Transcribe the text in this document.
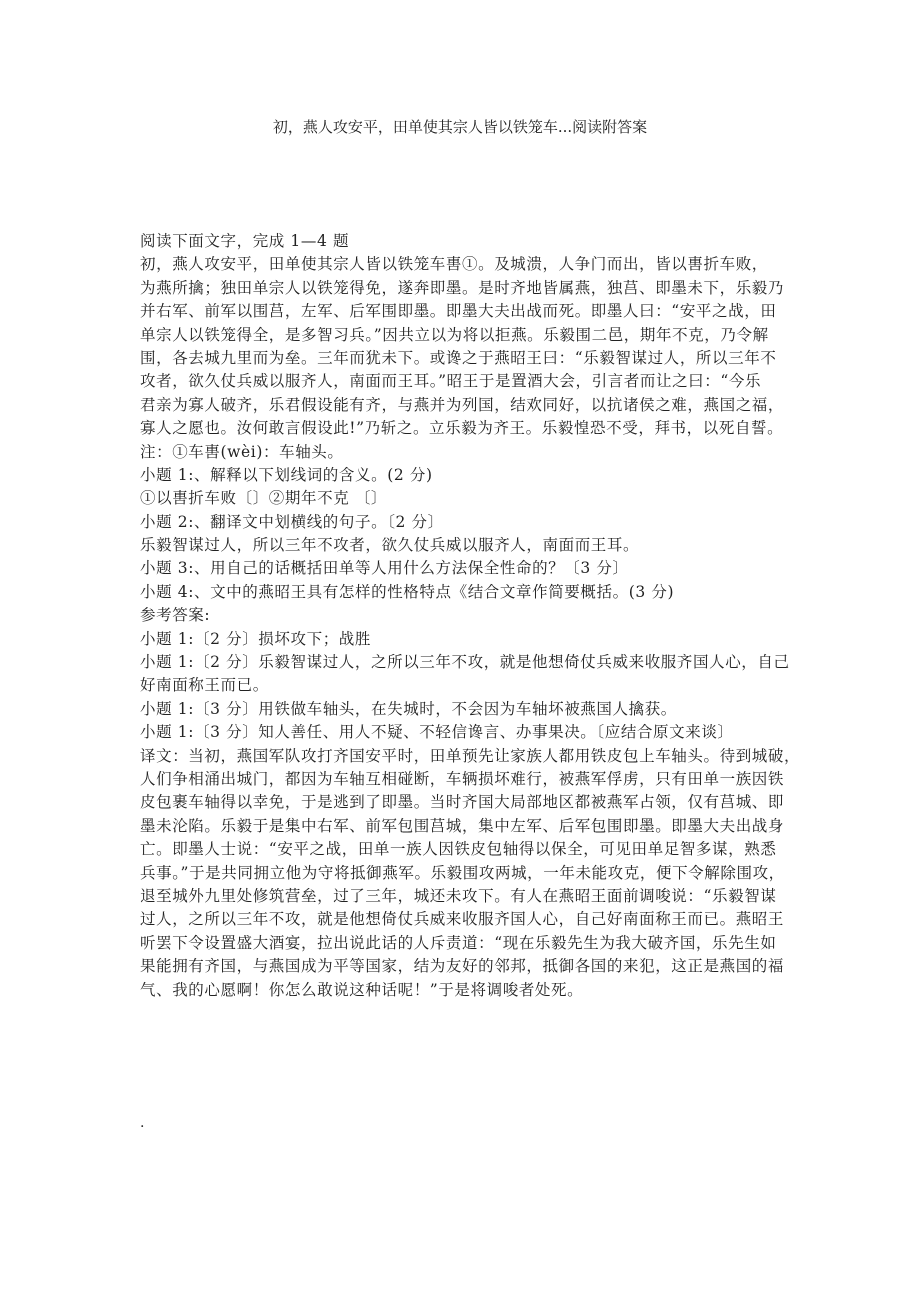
初，燕人攻安平，田单使其宗人皆以铁笼车...阅读附答案
阅读下面文字，完成 1—4 题
初，燕人攻安平，田单使其宗人皆以铁笼车軎①。及城溃，人争门而出，皆以軎折车败，
为燕所擒；独田单宗人以铁笼得免，遂奔即墨。是时齐地皆属燕，独莒、即墨未下，乐毅乃
并右军、前军以围莒，左军、后军围即墨。即墨大夫出战而死。即墨人曰：“安平之战，田
单宗人以铁笼得全，是多智习兵。”因共立以为将以拒燕。乐毅围二邑，期年不克，乃令解
围，各去城九里而为垒。三年而犹未下。或谗之于燕昭王曰：“乐毅智谋过人，所以三年不
攻者，欲久仗兵威以服齐人，南面而王耳。”昭王于是置酒大会，引言者而让之曰：“今乐
君亲为寡人破齐，乐君假设能有齐，与燕并为列国，结欢同好，以抗诸侯之难，燕国之福，
寡人之愿也。汝何敢言假设此!”乃斩之。立乐毅为齐王。乐毅惶恐不受，拜书，以死自誓。
注：①车軎(wèi)：车轴头。
小题 1:、解释以下划线词的含义。(2 分)
①以軎折车败〔〕②期年不克 〔〕
小题 2:、翻译文中划横线的句子。〔2 分〕
乐毅智谋过人，所以三年不攻者，欲久仗兵威以服齐人，南面而王耳。
小题 3:、用自己的话概括田单等人用什么方法保全性命的？〔3 分〕
小题 4:、文中的燕昭王具有怎样的性格特点《结合文章作简要概括。(3 分)
参考答案:
小题 1:〔2 分〕损坏攻下；战胜
小题 1:〔2 分〕乐毅智谋过人，之所以三年不攻，就是他想倚仗兵威来收服齐国人心，自己
好南面称王而已。
小题 1:〔3 分〕用铁做车轴头，在失城时，不会因为车轴坏被燕国人擒获。
小题 1:〔3 分〕知人善任、用人不疑、不轻信谗言、办事果决。〔应结合原文来谈〕
译文：当初，燕国军队攻打齐国安平时，田单预先让家族人都用铁皮包上车轴头。待到城破，
人们争相涌出城门，都因为车轴互相碰断，车辆损坏难行，被燕军俘虏，只有田单一族因铁
皮包裹车轴得以幸免，于是逃到了即墨。当时齐国大局部地区都被燕军占领，仅有莒城、即
墨未沦陷。乐毅于是集中右军、前军包围莒城，集中左军、后军包围即墨。即墨大夫出战身
亡。即墨人士说：“安平之战，田单一族人因铁皮包轴得以保全，可见田单足智多谋，熟悉
兵事。”于是共同拥立他为守将抵御燕军。乐毅围攻两城，一年未能攻克，便下令解除围攻，
退至城外九里处修筑营垒，过了三年，城还未攻下。有人在燕昭王面前调唆说：“乐毅智谋
过人，之所以三年不攻，就是他想倚仗兵威来收服齐国人心，自己好南面称王而已。燕昭王
听罢下令设置盛大酒宴，拉出说此话的人斥责道：“现在乐毅先生为我大破齐国，乐先生如
果能拥有齐国，与燕国成为平等国家，结为友好的邻邦，抵御各国的来犯，这正是燕国的福
气、我的心愿啊！你怎么敢说这种话呢！”于是将调唆者处死。
.
